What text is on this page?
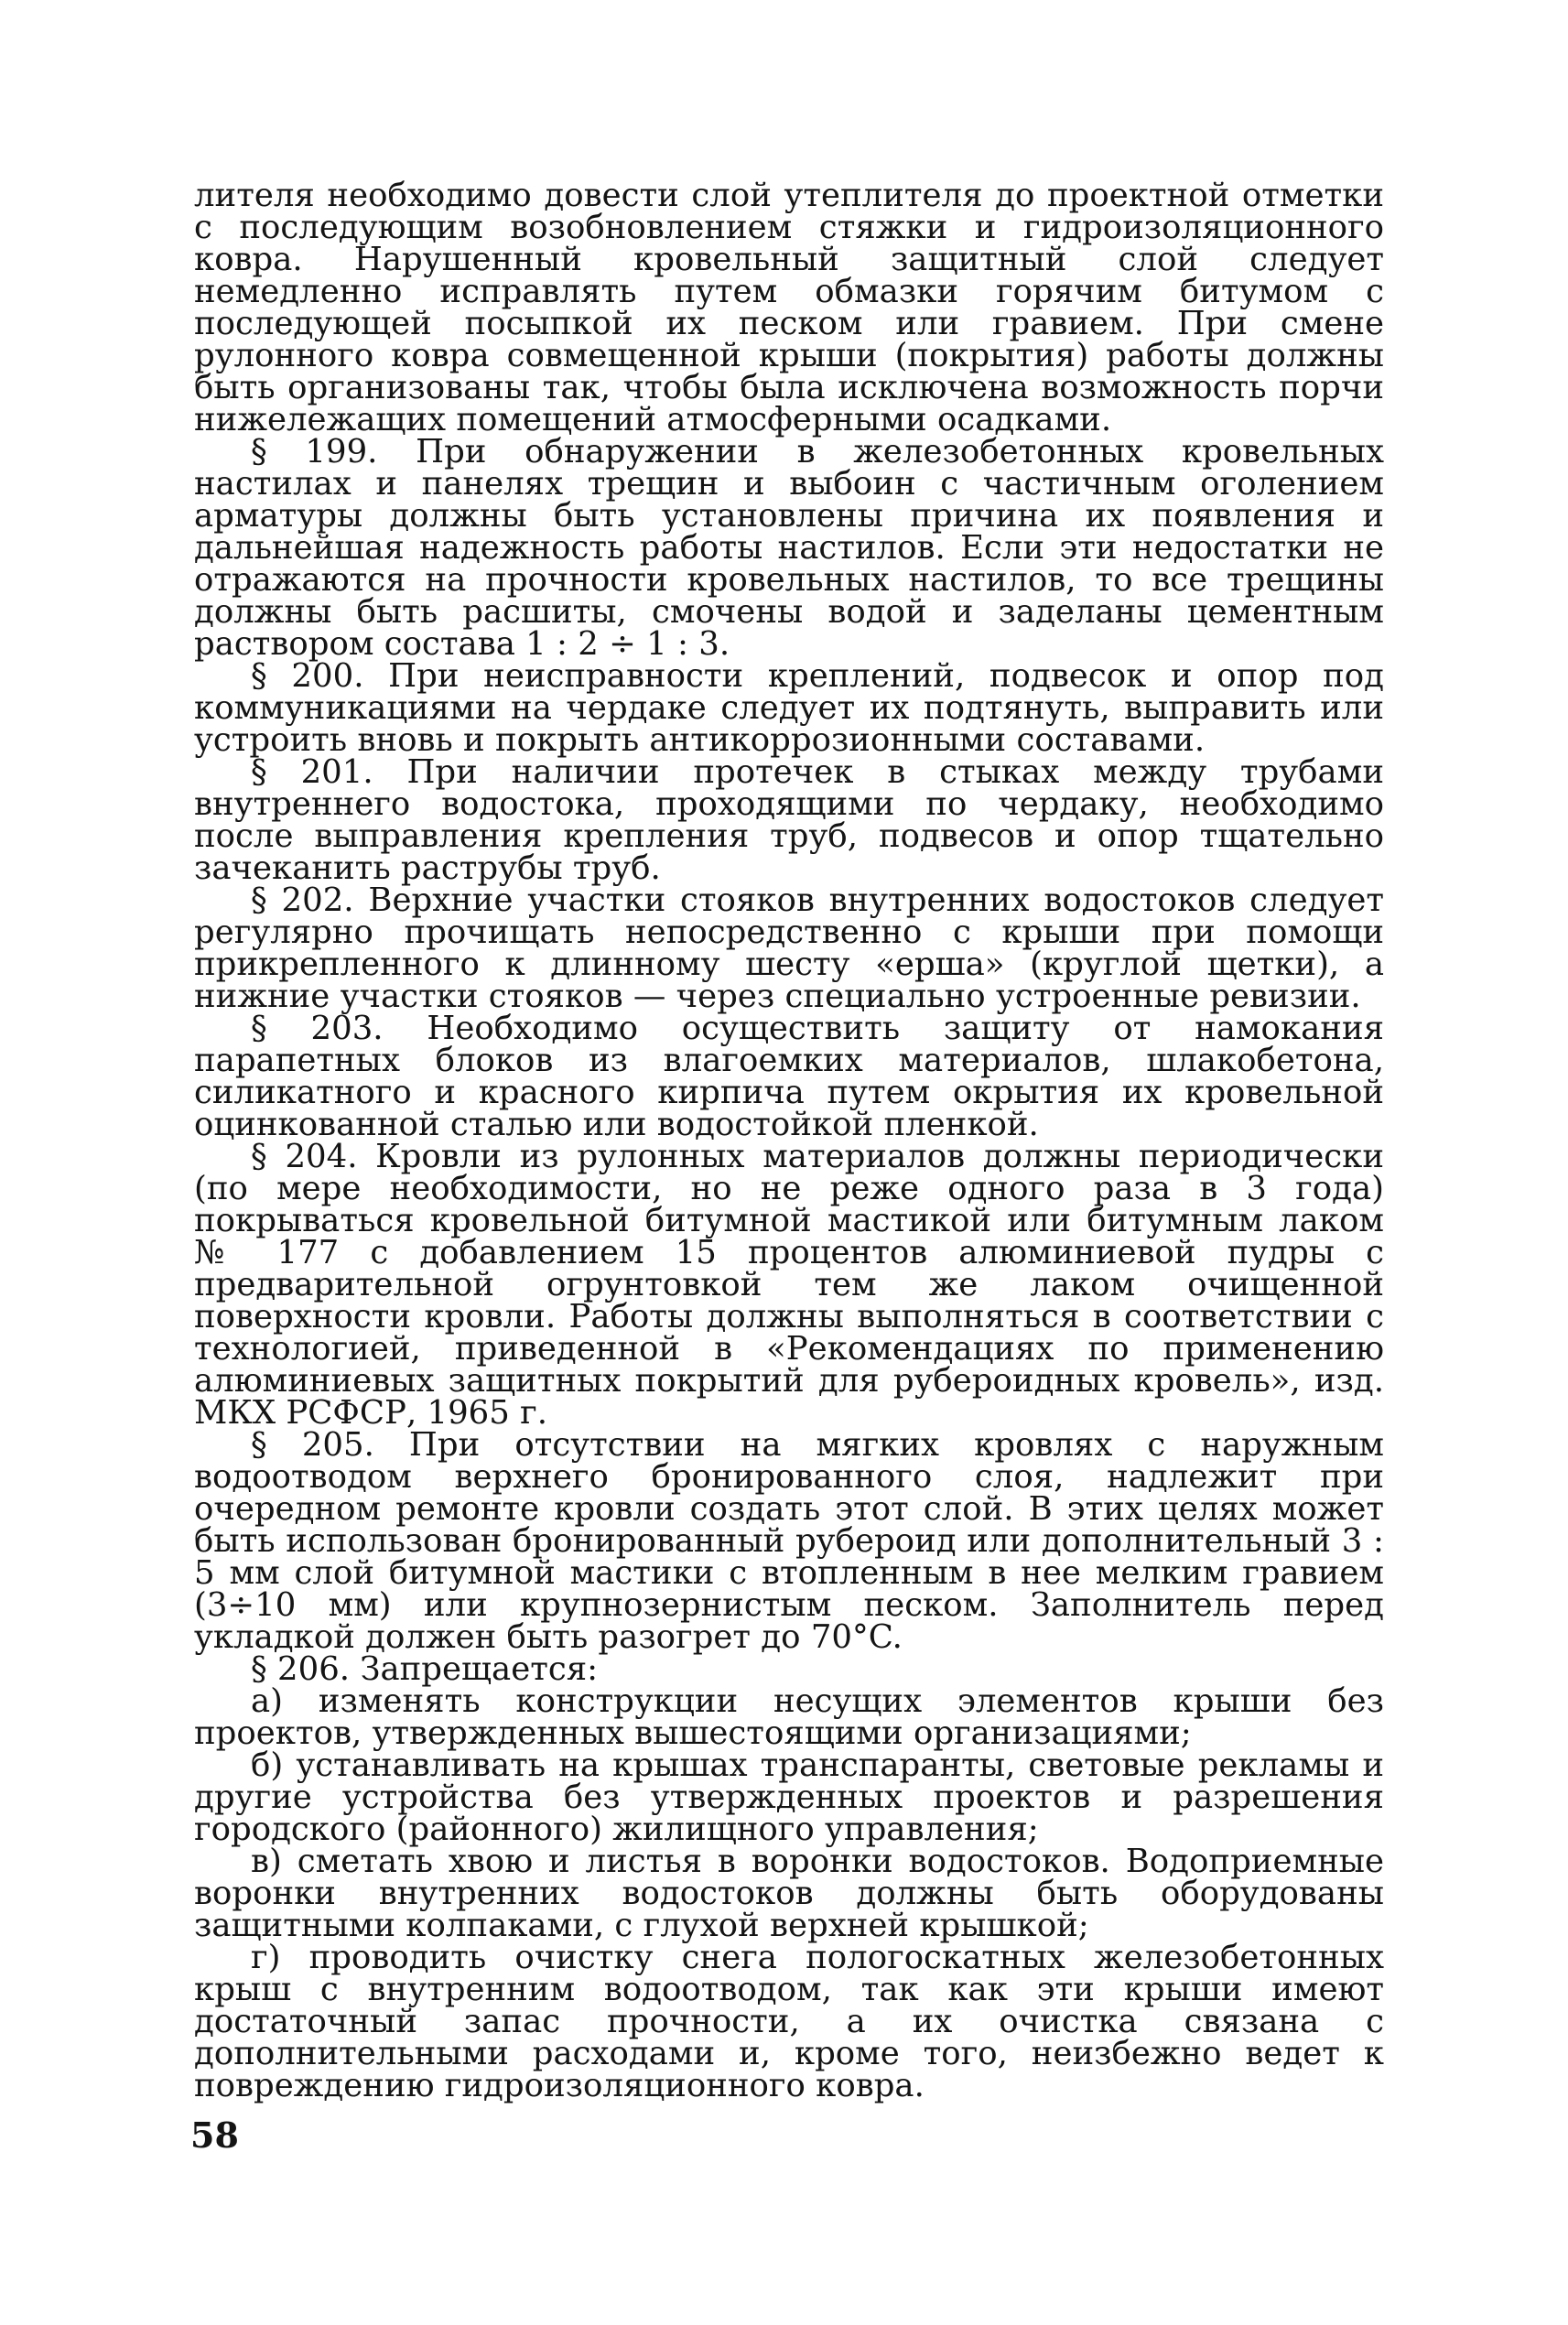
лителя необходимо довести слой утеплителя до проектной отметки с последующим возобновлением стяжки и гидроизоляционного ковра. Нарушенный кровельный защитный слой следует немедленно исправлять путем обмазки горячим битумом с последующей посыпкой их песком или гравием. При смене рулонного ковра совмещенной крыши (покрытия) работы должны быть организованы так, чтобы была исключена возможность порчи нижележащих помещений атмосферными осадками.

§ 199. При обнаружении в железобетонных кровельных настилах и панелях трещин и выбоин с частичным оголением арматуры должны быть установлены причина их появления и дальнейшая надежность работы настилов. Если эти недостатки не отражаются на прочности кровельных настилов, то все трещины должны быть расшиты, смочены водой и заделаны цементным раствором состава 1 : 2 ÷ 1 : 3.

§ 200. При неисправности креплений, подвесок и опор под коммуникациями на чердаке следует их подтянуть, выправить или устроить вновь и покрыть антикоррозионными составами.

§ 201. При наличии протечек в стыках между трубами внутреннего водостока, проходящими по чердаку, необходимо после выправления крепления труб, подвесов и опор тщательно зачеканить раструбы труб.

§ 202. Верхние участки стояков внутренних водостоков следует регулярно прочищать непосредственно с крыши при помощи прикрепленного к длинному шесту «ерша» (круглой щетки), а нижние участки стояков — через специально устроенные ревизии.

§ 203. Необходимо осуществить защиту от намокания парапетных блоков из влагоемких материалов, шлакобетона, силикатного и красного кирпича путем окрытия их кровельной оцинкованной сталью или водостойкой пленкой.

§ 204. Кровли из рулонных материалов должны периодически (по мере необходимости, но не реже одного раза в 3 года) покрываться кровельной битумной мастикой или битумным лаком № 177 с добавлением 15 процентов алюминиевой пудры с предварительной огрунтовкой тем же лаком очищенной поверхности кровли. Работы должны выполняться в соответствии с технологией, приведенной в «Рекомендациях по применению алюминиевых защитных покрытий для рубероидных кровель», изд. МКХ РСФСР, 1965 г.

§ 205. При отсутствии на мягких кровлях с наружным водоотводом верхнего бронированного слоя, надлежит при очередном ремонте кровли создать этот слой. В этих целях может быть использован бронированный рубероид или дополнительный 3 : 5 мм слой битумной мастики с втопленным в нее мелким гравием (3÷10 мм) или крупнозернистым песком. Заполнитель перед укладкой должен быть разогрет до 70°C.

§ 206. Запрещается:

а) изменять конструкции несущих элементов крыши без проектов, утвержденных вышестоящими организациями;

б) устанавливать на крышах транспаранты, световые рекламы и другие устройства без утвержденных проектов и разрешения городского (районного) жилищного управления;

в) сметать хвою и листья в воронки водостоков. Водоприемные воронки внутренних водостоков должны быть оборудованы защитными колпаками, с глухой верхней крышкой;

г) проводить очистку снега пологоскатных железобетонных крыш с внутренним водоотводом, так как эти крыши имеют достаточный запас прочности, а их очистка связана с дополнительными расходами и, кроме того, неизбежно ведет к повреждению гидроизоляционного ковра.

58
